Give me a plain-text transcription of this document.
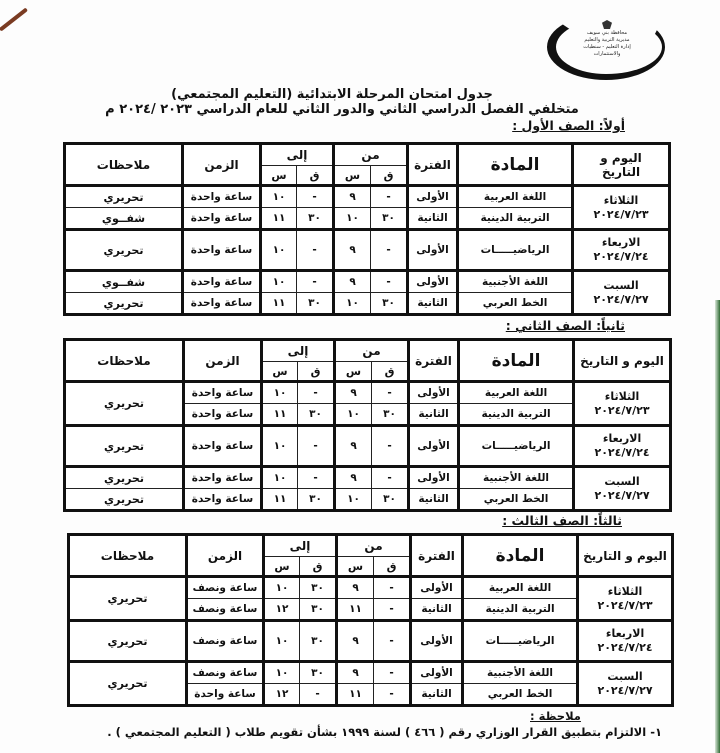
محافظة بني سويف
مديرية التربية والتعليم
إدارة التعليم - سنطيات والاستثمارات
جدول امتحان المرحلة الابتدائية (التعليم المجتمعي)
متخلفي الفصل الدراسي الثاني والدور الثاني للعام الدراسي ٢٠٢٣ /٢٠٢٤ م
أولاً: الصف الأول :
اليوم و
التاريخ	المادة	الفترة	من		إلى		الزمن	ملاحظات
			ق	س	ق	س		
الثلاثاء
٢٠٢٤/٧/٢٣	اللغة العربية	الأولى	-	٩	-	١٠	ساعة واحدة	تحريري
	التربية الدينية	الثانية	٣٠	١٠	٣٠	١١	ساعة واحدة	شفــوي
الاربعاء
٢٠٢٤/٧/٢٤	الرياضيـــــات	الأولى	-	٩	-	١٠	ساعة واحدة	تحريري
السبت
٢٠٢٤/٧/٢٧	اللغة الأجنبية	الأولى	-	٩	-	١٠	ساعة واحدة	شفــوي
	الخط العربي	الثانية	٣٠	١٠	٣٠	١١	ساعة واحدة	تحريري
ثانياً: الصف الثاني :
اليوم و التاريخ	المادة	الفترة	من		إلى		الزمن	ملاحظات
			ق	س	ق	س		
الثلاثاء
٢٠٢٤/٧/٢٣	اللغة العربية	الأولى	-	٩	-	١٠	ساعة واحدة	تحريري
	التربية الدينية	الثانية	٣٠	١٠	٣٠	١١	ساعة واحدة	
الاربعاء
٢٠٢٤/٧/٢٤	الرياضيـــــات	الأولى	-	٩	-	١٠	ساعة واحدة	تحريري
السبت
٢٠٢٤/٧/٢٧	اللغة الأجنبية	الأولى	-	٩	-	١٠	ساعة واحدة	تحريري
	الخط العربي	الثانية	٣٠	١٠	٣٠	١١	ساعة واحدة	تحريري
ثالثاً: الصف الثالث :
اليوم و التاريخ	المادة	الفترة	من		إلى		الزمن	ملاحظات
			ق	س	ق	س		
الثلاثاء
٢٠٢٤/٧/٢٣	اللغة العربية	الأولى	-	٩	٣٠	١٠	ساعة ونصف	تحريري
	التربية الدينية	الثانية	-	١١	٣٠	١٢	ساعة ونصف	
الاربعاء
٢٠٢٤/٧/٢٤	الرياضيـــــات	الأولى	-	٩	٣٠	١٠	ساعة ونصف	تحريري
السبت
٢٠٢٤/٧/٢٧	اللغة الأجنبية	الأولى	-	٩	٣٠	١٠	ساعة ونصف	تحريري
	الخط العربي	الثانية	-	١١	-	١٢	ساعة واحدة	
ملاحظة :
١- الالتزام بتطبيق القرار الوزاري رقم ( ٤٦٦ ) لسنة ١٩٩٩ بشأن تقويم طلاب ( التعليم المجتمعي ) .
